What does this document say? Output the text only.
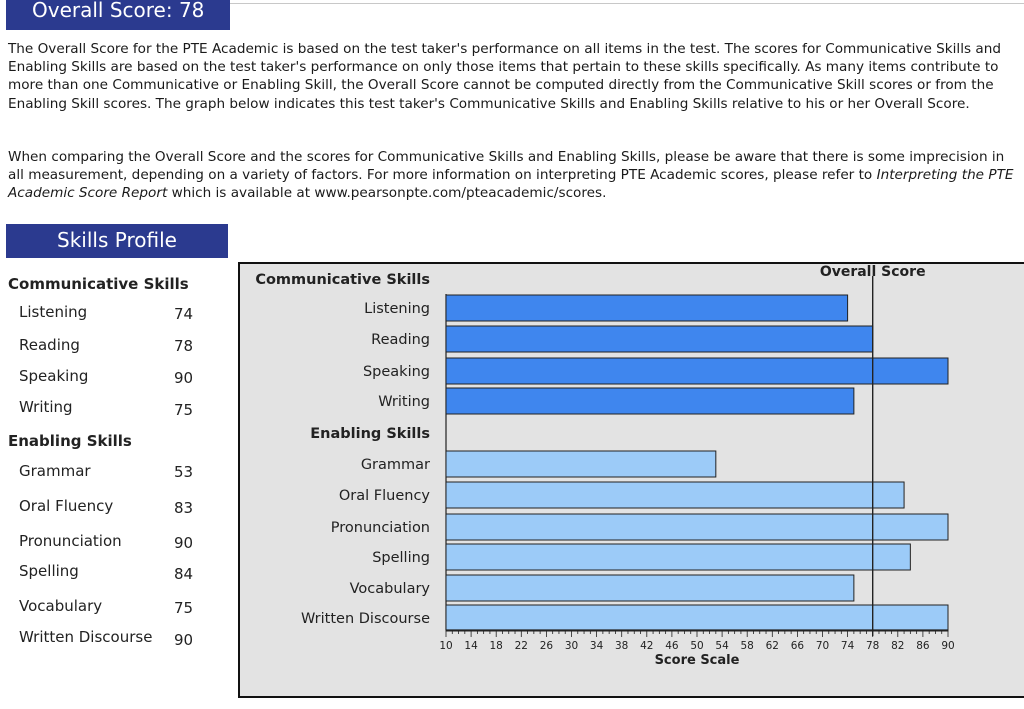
Overall Score: 78

The Overall Score for the PTE Academic is based on the test taker's performance on all items in the test. The scores for Communicative Skills and Enabling Skills are based on the test taker's performance on only those items that pertain to these skills specifically. As many items contribute to more than one Communicative or Enabling Skill, the Overall Score cannot be computed directly from the Communicative Skill scores or from the Enabling Skill scores. The graph below indicates this test taker's Communicative Skills and Enabling Skills relative to his or her Overall Score.

When comparing the Overall Score and the scores for Communicative Skills and Enabling Skills, please be aware that there is some imprecision in all measurement, depending on a variety of factors. For more information on interpreting PTE Academic scores, please refer to Interpreting the PTE Academic Score Report which is available at www.pearsonpte.com/pteacademic/scores.

Skills Profile
Communicative Skills
Listening	74
Reading	78
Speaking	90
Writing	75
Enabling Skills
Grammar	53
Oral Fluency	83
Pronunciation	90
Spelling	84
Vocabulary	75
Written Discourse 90
Communicative Skills
Enabling Skills
Listening
Reading
Speaking
Writing
Grammar
Oral Fluency
Pronunciation
Spelling
Vocabulary
Written Discourse
Overall Score
10 14 18 22 26 30 34 38 42 46 50 54 58 62 66 70 74 78 82 86 90
Score Scale
